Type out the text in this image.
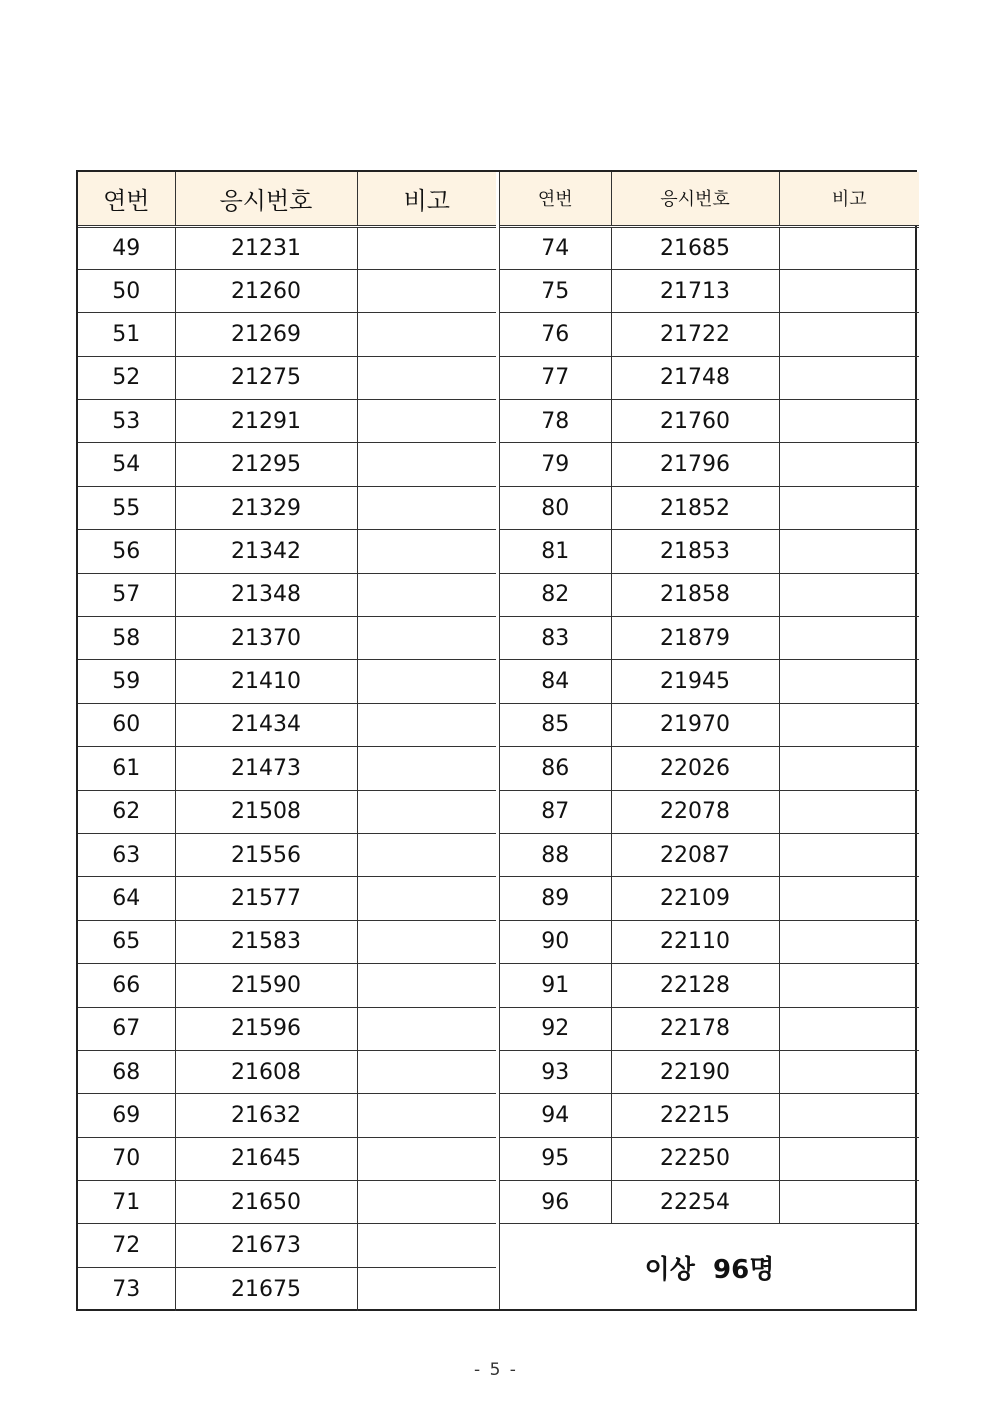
연번	응시번호	비고
49	21231	
50	21260	
51	21269	
52	21275	
53	21291	
54	21295	
55	21329	
56	21342	
57	21348	
58	21370	
59	21410	
60	21434	
61	21473	
62	21508	
63	21556	
64	21577	
65	21583	
66	21590	
67	21596	
68	21608	
69	21632	
70	21645	
71	21650	
72	21673	
73	21675	
연번	응시번호	비고
74	21685	
75	21713	
76	21722	
77	21748	
78	21760	
79	21796	
80	21852	
81	21853	
82	21858	
83	21879	
84	21945	
85	21970	
86	22026	
87	22078	
88	22087	
89	22109	
90	22110	
91	22128	
92	22178	
93	22190	
94	22215	
95	22250	
96	22254	
이상  96명		
- 5 -
